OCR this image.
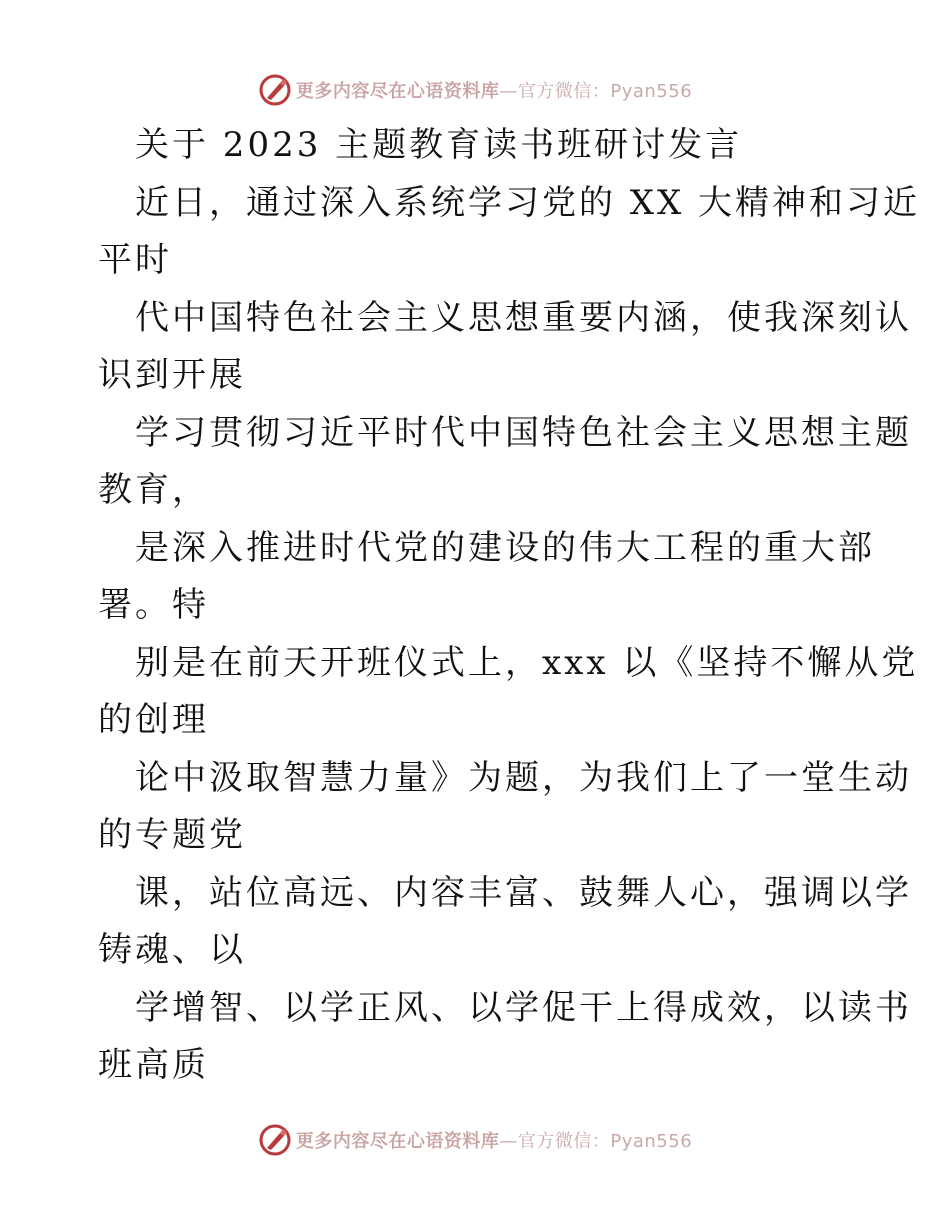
更多内容尽在心语资料库 —官方微信：Pyan556
关于 2023 主题教育读书班研讨发言
近日，通过深入系统学习党的 XX 大精神和习近
平时
代中国特色社会主义思想重要内涵，使我深刻认
识到开展
学习贯彻习近平时代中国特色社会主义思想主题
教育，
是深入推进时代党的建设的伟大工程的重大部
署。特
别是在前天开班仪式上，xxx 以《坚持不懈从党
的创理
论中汲取智慧力量》为题，为我们上了一堂生动
的专题党
课，站位高远、内容丰富、鼓舞人心，强调以学
铸魂、以
学增智、以学正风、以学促干上得成效，以读书
班高质
更多内容尽在心语资料库 —官方微信：Pyan556
